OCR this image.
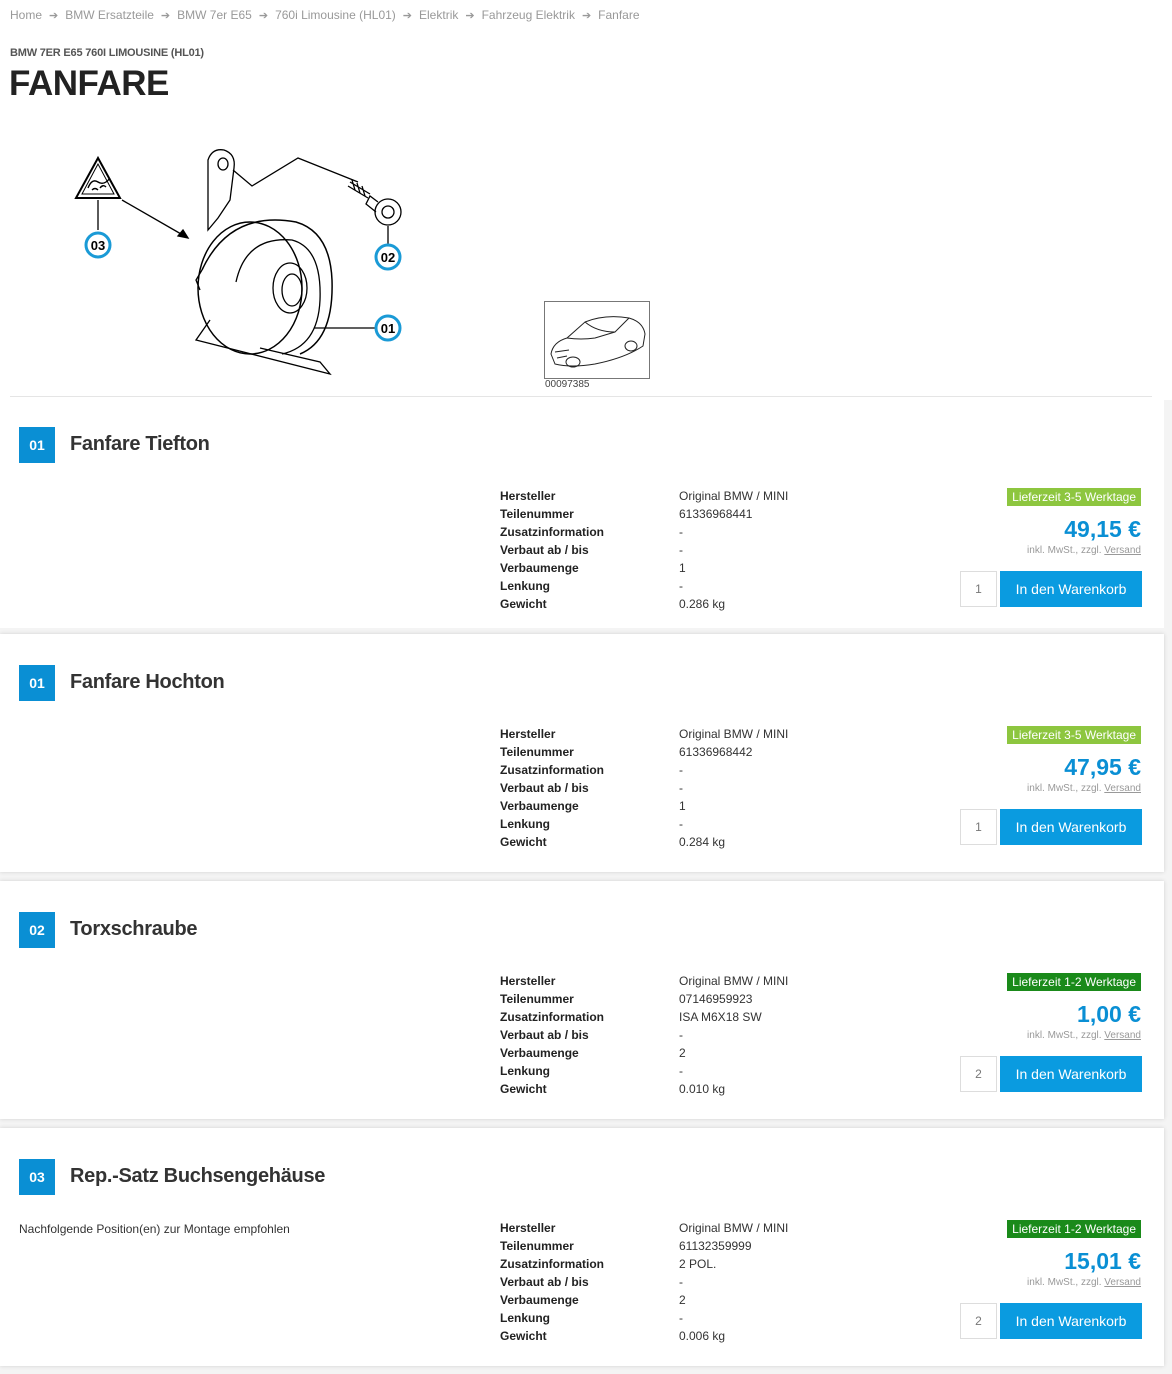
Home ➔ BMW Ersatzteile ➔ BMW 7er E65 ➔ 760i Limousine (HL01) ➔ Elektrik ➔ Fahrzeug Elektrik ➔ Fanfare
BMW 7ER E65 760I LIMOUSINE (HL01)
FANFARE
03
02
01
00097385
01	Fanfare Tiefton
Hersteller	Original BMW / MINI
Teilenummer	61336968441
Zusatzinformation	-
Verbaut ab / bis	-
Verbaumenge	1
Lenkung	-
Gewicht	0.286 kg
Lieferzeit 3-5 Werktage
49,15 €
inkl. MwSt., zzgl. Versand
1
In den Warenkorb
01	Fanfare Hochton
Hersteller	Original BMW / MINI
Teilenummer	61336968442
Zusatzinformation	-
Verbaut ab / bis	-
Verbaumenge	1
Lenkung	-
Gewicht	0.284 kg
Lieferzeit 3-5 Werktage
47,95 €
inkl. MwSt., zzgl. Versand
1
In den Warenkorb
02	Torxschraube
Hersteller	Original BMW / MINI
Teilenummer	07146959923
Zusatzinformation	ISA M6X18 SW
Verbaut ab / bis	-
Verbaumenge	2
Lenkung	-
Gewicht	0.010 kg
Lieferzeit 1-2 Werktage
1,00 €
inkl. MwSt., zzgl. Versand
2
In den Warenkorb
03	Rep.-Satz Buchsengehäuse
Nachfolgende Position(en) zur Montage empfohlen	Hersteller	Original BMW / MINI
Teilenummer	61132359999
Zusatzinformation	2 POL.
Verbaut ab / bis	-
Verbaumenge	2
Lenkung	-
Gewicht	0.006 kg
Lieferzeit 1-2 Werktage
15,01 €
inkl. MwSt., zzgl. Versand
2
In den Warenkorb
